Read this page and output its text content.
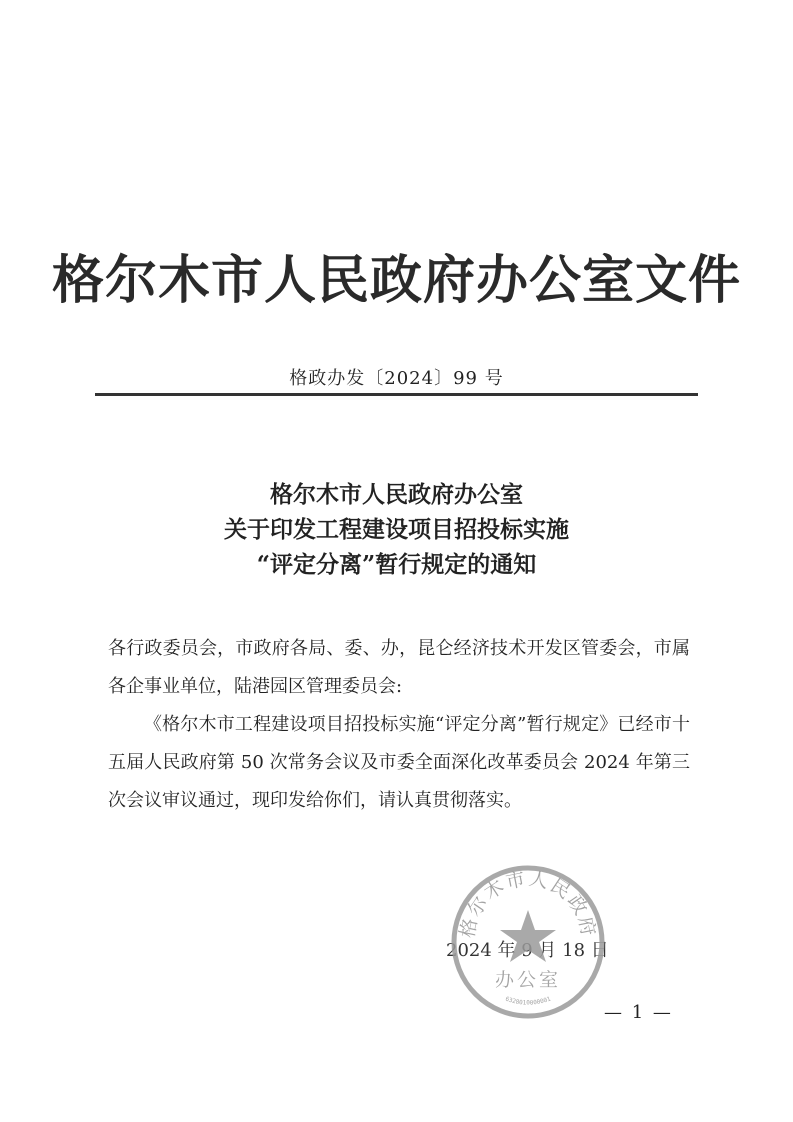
格尔木市人民政府办公室文件
格政办发〔2024〕99 号
格尔木市人民政府办公室
关于印发工程建设项目招投标实施
“评定分离”暂行规定的通知

各行政委员会，市政府各局、委、办，昆仑经济技术开发区管委会，市属各企事业单位，陆港园区管理委员会:

《格尔木市工程建设项目招投标实施“评定分离”暂行规定》已经市十五届人民政府第 50 次常务会议及市委全面深化改革委员会 2024 年第三次会议审议通过，现印发给你们，请认真贯彻落实。

2024 年 9 月 18 日
格尔木市人民政府
办公室
6328010000001
— 1 —
